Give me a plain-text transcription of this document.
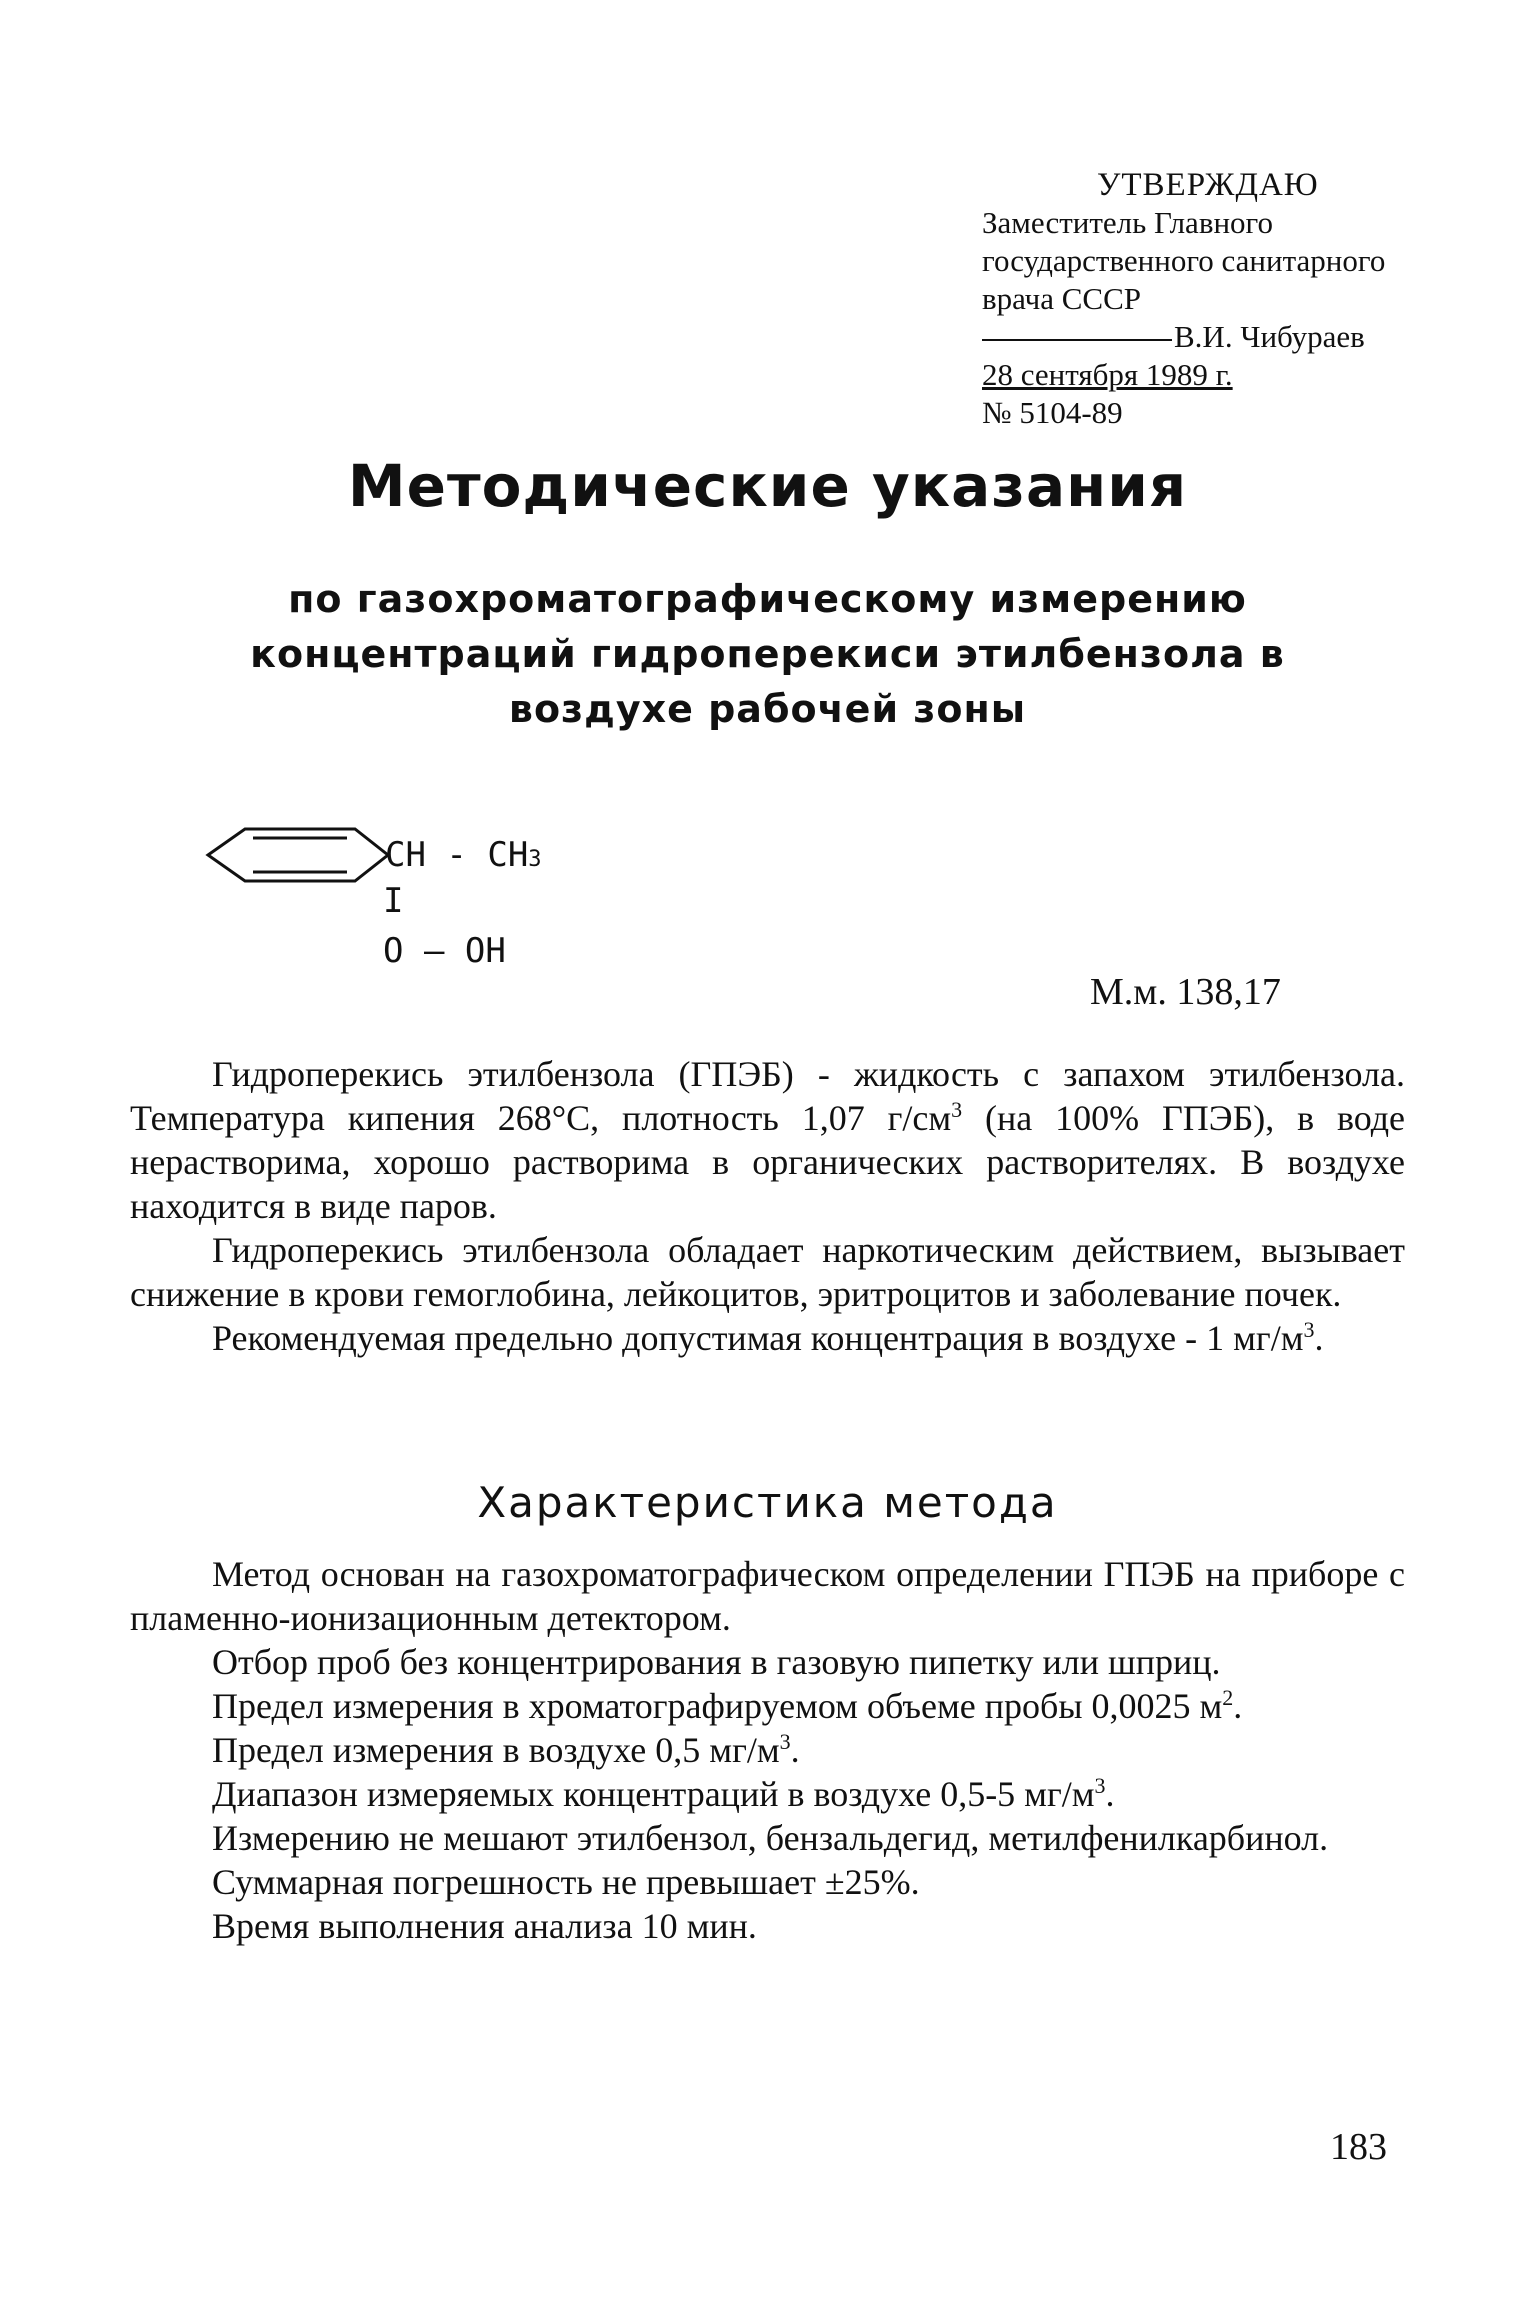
УТВЕРЖДАЮ
Заместитель Главного
государственного санитарного
врача СССР
В.И. Чибураев
28 сентября 1989 г.
№ 5104-89
Методические указания
по газохроматографическому измерению
концентраций гидроперекиси этилбензола в
воздухе рабочей зоны
CH - CH3
I
O — OH
М.м. 138,17

Гидроперекись этилбензола (ГПЭБ) - жидкость с запахом этилбензола. Температура кипения 268°С, плотность 1,07 $г/см^3$ (на 100% ГПЭБ), в воде нерастворима, хорошо растворима в органических растворителях. В воздухе находится в виде паров.

Гидроперекись этилбензола обладает наркотическим действием, вызывает снижение в крови гемоглобина, лейкоцитов, эритроцитов и заболевание почек.

Рекомендуемая предельно допустимая концентрация в воздухе - 1 $мг/м^3$.

Характеристика метода

Метод основан на газохроматографическом определении ГПЭБ на приборе с пламенно-ионизационным детектором.

Отбор проб без концентрирования в газовую пипетку или шприц.

Предел измерения в хроматографируемом объеме пробы 0,0025 $м^2$.

Предел измерения в воздухе 0,5 $мг/м^3$.

Диапазон измеряемых концентраций в воздухе 0,5-5 $мг/м^3$.

Измерению не мешают этилбензол, бензальдегид, метилфенилкарбинол.

Суммарная погрешность не превышает ±25%.

Время выполнения анализа 10 мин.

183
